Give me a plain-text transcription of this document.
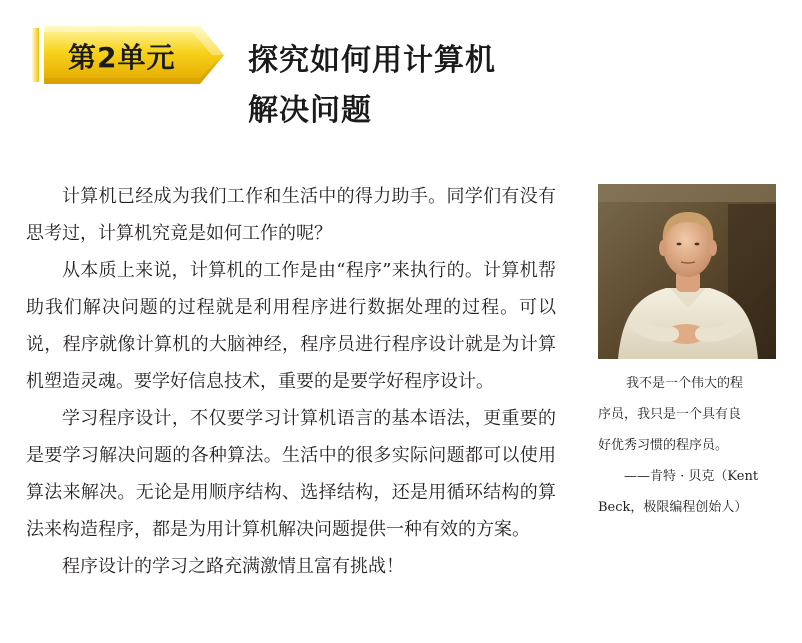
第2单元 探究如何用计算机
解决问题

计算机已经成为我们工作和生活中的得力助手。同学们有没有思考过，计算机究竟是如何工作的呢？

从本质上来说，计算机的工作是由“程序”来执行的。计算机帮助我们解决问题的过程就是利用程序进行数据处理的过程。可以说，程序就像计算机的大脑神经，程序员进行程序设计就是为计算机塑造灵魂。要学好信息技术，重要的是要学好程序设计。

学习程序设计，不仅要学习计算机语言的基本语法，更重要的是要学习解决问题的各种算法。生活中的很多实际问题都可以使用算法来解决。无论是用顺序结构、选择结构，还是用循环结构的算法来构造程序，都是为用计算机解决问题提供一种有效的方案。

程序设计的学习之路充满激情且富有挑战！

我不是一个伟大的程
序员，我只是一个具有良
好优秀习惯的程序员。
——肯特 · 贝克（Kent
Beck，极限编程创始人）
